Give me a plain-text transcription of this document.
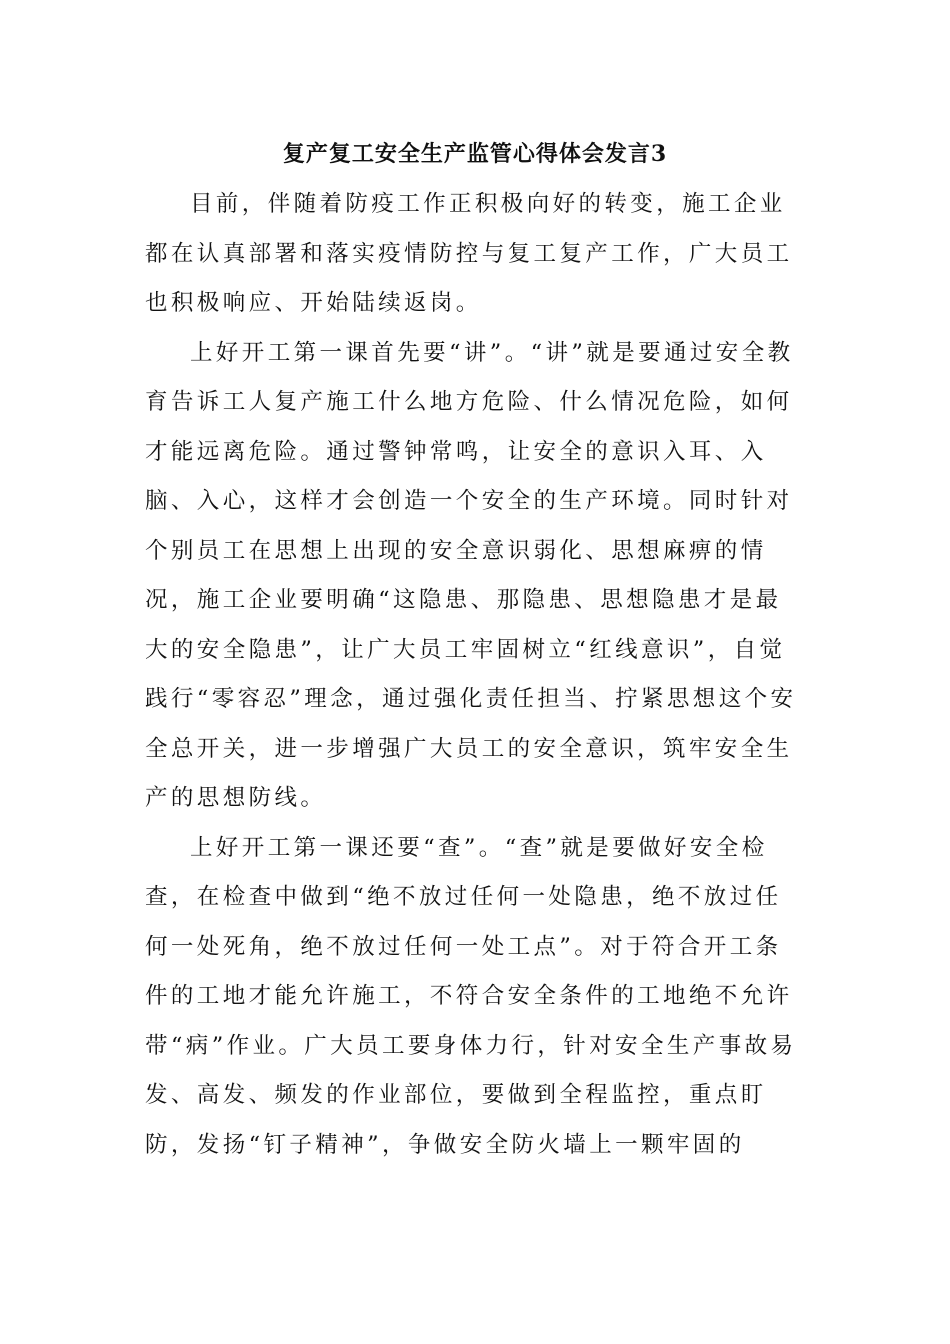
复产复工安全生产监管心得体会发言3

目前，伴随着防疫工作正积极向好的转变，施工企业都在认真部署和落实疫情防控与复工复产工作，广大员工也积极响应、开始陆续返岗。

上好开工第一课首先要“讲”。“讲”就是要通过安全教育告诉工人复产施工什么地方危险、什么情况危险，如何才能远离危险。通过警钟常鸣，让安全的意识入耳、入脑、入心，这样才会创造一个安全的生产环境。同时针对个别员工在思想上出现的安全意识弱化、思想麻痹的情况，施工企业要明确“这隐患、那隐患、思想隐患才是最大的安全隐患”，让广大员工牢固树立“红线意识”，自觉践行“零容忍”理念，通过强化责任担当、拧紧思想这个安全总开关，进一步增强广大员工的安全意识，筑牢安全生产的思想防线。

上好开工第一课还要“查”。“查”就是要做好安全检查，在检查中做到“绝不放过任何一处隐患，绝不放过任何一处死角，绝不放过任何一处工点”。对于符合开工条件的工地才能允许施工，不符合安全条件的工地绝不允许带“病”作业。广大员工要身体力行，针对安全生产事故易发、高发、频发的作业部位，要做到全程监控，重点盯防，发扬“钉子精神”，争做安全防火墙上一颗牢固的
